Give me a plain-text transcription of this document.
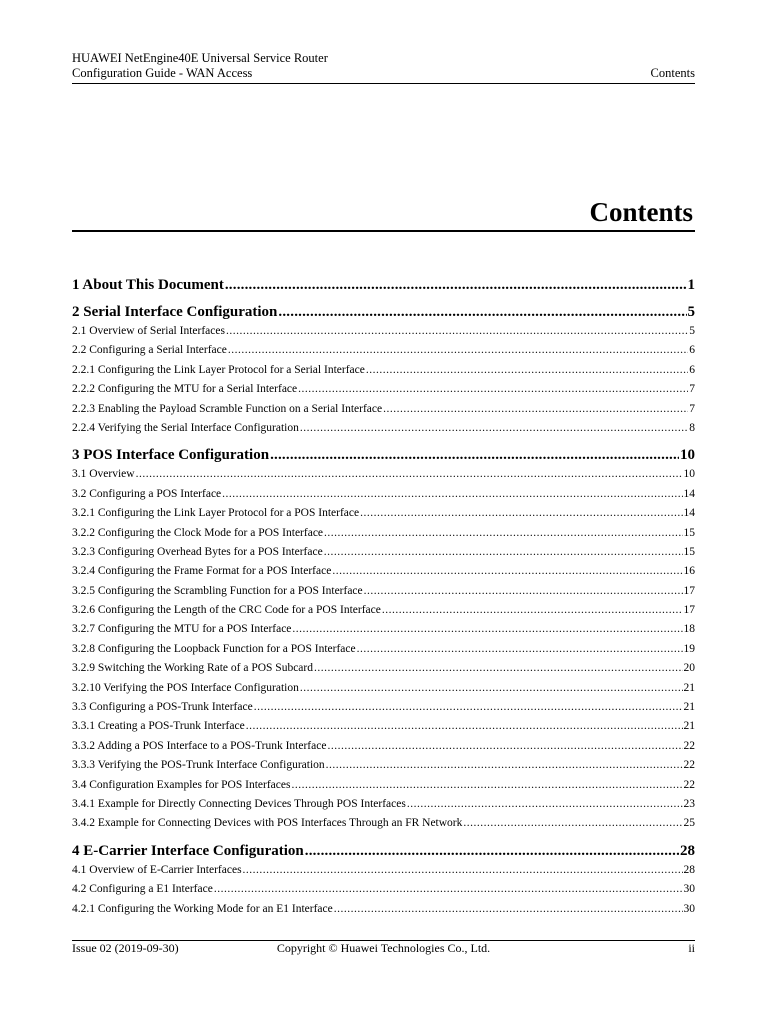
HUAWEI NetEngine40E Universal Service Router
Configuration Guide - WAN Access	Contents
Contents
1 About This Document .....	1
2 Serial Interface Configuration .....	5
2.1 Overview of Serial Interfaces .....	5
2.2 Configuring a Serial Interface .....	6
2.2.1 Configuring the Link Layer Protocol for a Serial Interface .....	6
2.2.2 Configuring the MTU for a Serial Interface .....	7
2.2.3 Enabling the Payload Scramble Function on a Serial Interface .....	7
2.2.4 Verifying the Serial Interface Configuration .....	8
3 POS Interface Configuration .....	10
3.1 Overview .....	10
3.2 Configuring a POS Interface .....	14
3.2.1 Configuring the Link Layer Protocol for a POS Interface .....	14
3.2.2 Configuring the Clock Mode for a POS Interface .....	15
3.2.3 Configuring Overhead Bytes for a POS Interface .....	15
3.2.4 Configuring the Frame Format for a POS Interface .....	16
3.2.5 Configuring the Scrambling Function for a POS Interface .....	17
3.2.6 Configuring the Length of the CRC Code for a POS Interface .....	17
3.2.7 Configuring the MTU for a POS Interface .....	18
3.2.8 Configuring the Loopback Function for a POS Interface .....	19
3.2.9 Switching the Working Rate of a POS Subcard .....	20
3.2.10 Verifying the POS Interface Configuration .....	21
3.3 Configuring a POS-Trunk Interface .....	21
3.3.1 Creating a POS-Trunk Interface .....	21
3.3.2 Adding a POS Interface to a POS-Trunk Interface .....	22
3.3.3 Verifying the POS-Trunk Interface Configuration .....	22
3.4 Configuration Examples for POS Interfaces .....	22
3.4.1 Example for Directly Connecting Devices Through POS Interfaces .....	23
3.4.2 Example for Connecting Devices with POS Interfaces Through an FR Network .....	25
4 E-Carrier Interface Configuration .....	28
4.1 Overview of E-Carrier Interfaces .....	28
4.2 Configuring a E1 Interface .....	30
4.2.1 Configuring the Working Mode for an E1 Interface .....	30
Issue 02 (2019-09-30)	Copyright © Huawei Technologies Co., Ltd.	ii
